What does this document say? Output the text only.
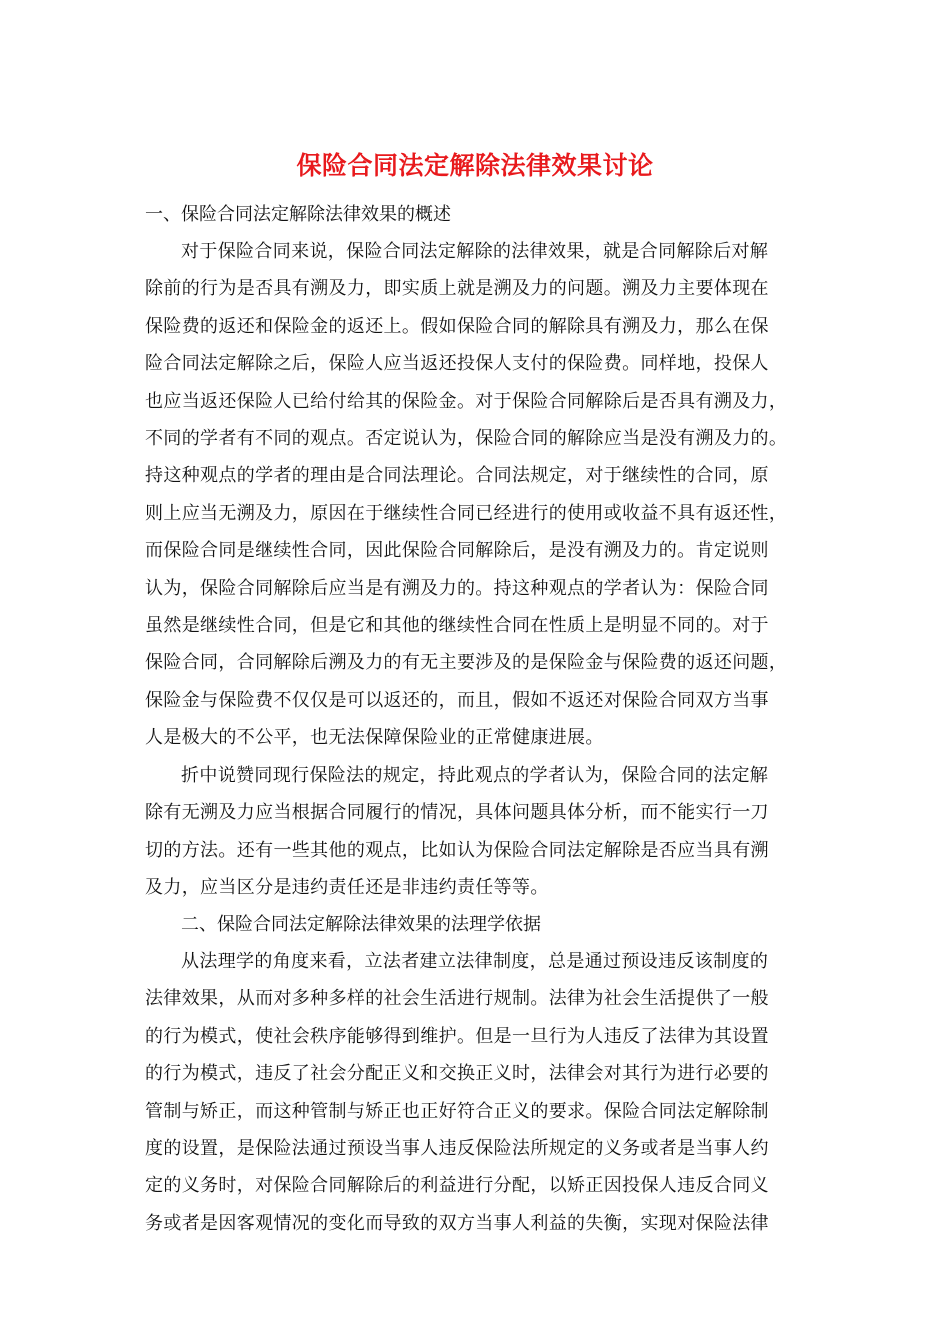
保险合同法定解除法律效果讨论
一、保险合同法定解除法律效果的概述
对于保险合同来说，保险合同法定解除的法律效果，就是合同解除后对解
除前的行为是否具有溯及力，即实质上就是溯及力的问题。溯及力主要体现在
保险费的返还和保险金的返还上。假如保险合同的解除具有溯及力，那么在保
险合同法定解除之后，保险人应当返还投保人支付的保险费。同样地，投保人
也应当返还保险人已给付给其的保险金。对于保险合同解除后是否具有溯及力，
不同的学者有不同的观点。否定说认为，保险合同的解除应当是没有溯及力的。
持这种观点的学者的理由是合同法理论。合同法规定，对于继续性的合同，原
则上应当无溯及力，原因在于继续性合同已经进行的使用或收益不具有返还性，
而保险合同是继续性合同，因此保险合同解除后，是没有溯及力的。肯定说则
认为，保险合同解除后应当是有溯及力的。持这种观点的学者认为：保险合同
虽然是继续性合同，但是它和其他的继续性合同在性质上是明显不同的。对于
保险合同，合同解除后溯及力的有无主要涉及的是保险金与保险费的返还问题，
保险金与保险费不仅仅是可以返还的，而且，假如不返还对保险合同双方当事
人是极大的不公平，也无法保障保险业的正常健康进展。
折中说赞同现行保险法的规定，持此观点的学者认为，保险合同的法定解
除有无溯及力应当根据合同履行的情况，具体问题具体分析，而不能实行一刀
切的方法。还有一些其他的观点，比如认为保险合同法定解除是否应当具有溯
及力，应当区分是违约责任还是非违约责任等等。
二、保险合同法定解除法律效果的法理学依据
从法理学的角度来看，立法者建立法律制度，总是通过预设违反该制度的
法律效果，从而对多种多样的社会生活进行规制。法律为社会生活提供了一般
的行为模式，使社会秩序能够得到维护。但是一旦行为人违反了法律为其设置
的行为模式，违反了社会分配正义和交换正义时，法律会对其行为进行必要的
管制与矫正，而这种管制与矫正也正好符合正义的要求。保险合同法定解除制
度的设置，是保险法通过预设当事人违反保险法所规定的义务或者是当事人约
定的义务时，对保险合同解除后的利益进行分配，以矫正因投保人违反合同义
务或者是因客观情况的变化而导致的双方当事人利益的失衡，实现对保险法律
